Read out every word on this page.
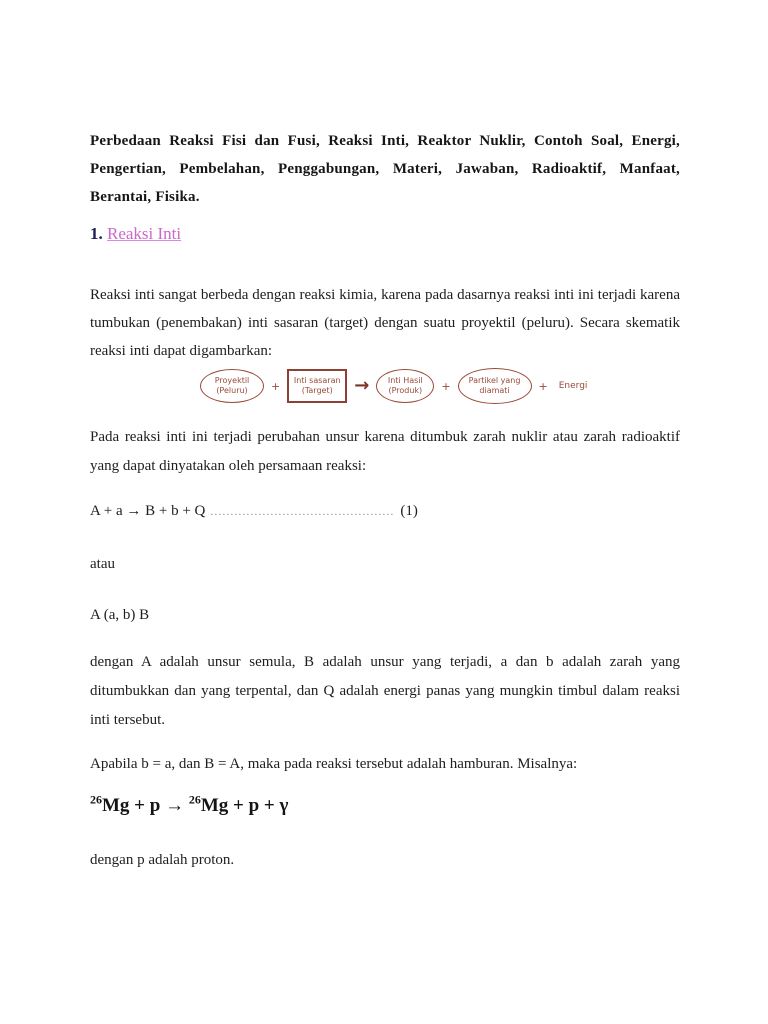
Perbedaan Reaksi Fisi dan Fusi, Reaksi Inti, Reaktor Nuklir, Contoh Soal, Energi, Pengertian, Pembelahan, Penggabungan, Materi, Jawaban, Radioaktif, Manfaat, Berantai, Fisika.

1. Reaksi Inti

Reaksi inti sangat berbeda dengan reaksi kimia, karena pada dasarnya reaksi inti ini terjadi karena tumbukan (penembakan) inti sasaran (target) dengan suatu proyektil (peluru). Secara skematik reaksi inti dapat digambarkan:

Proyektil
(Peluru) + Inti sasaran
(Target) → Inti Hasil
(Produk) + Partikel yang
diamati	+ Energi

Pada reaksi inti ini terjadi perubahan unsur karena ditumbuk zarah nuklir atau zarah radioaktif yang dapat dinyatakan oleh persamaan reaksi:

A + a → B + b + Q .............................................. (1)

atau

A (a, b) B

dengan A adalah unsur semula, B adalah unsur yang terjadi, a dan b adalah zarah yang ditumbukkan dan yang terpental, dan Q adalah energi panas yang mungkin timbul dalam reaksi inti tersebut.

Apabila b = a, dan B = A, maka pada reaksi tersebut adalah hamburan. Misalnya:

$^{26}$Mg + p → $^{26}$Mg + p + γ

dengan p adalah proton.
